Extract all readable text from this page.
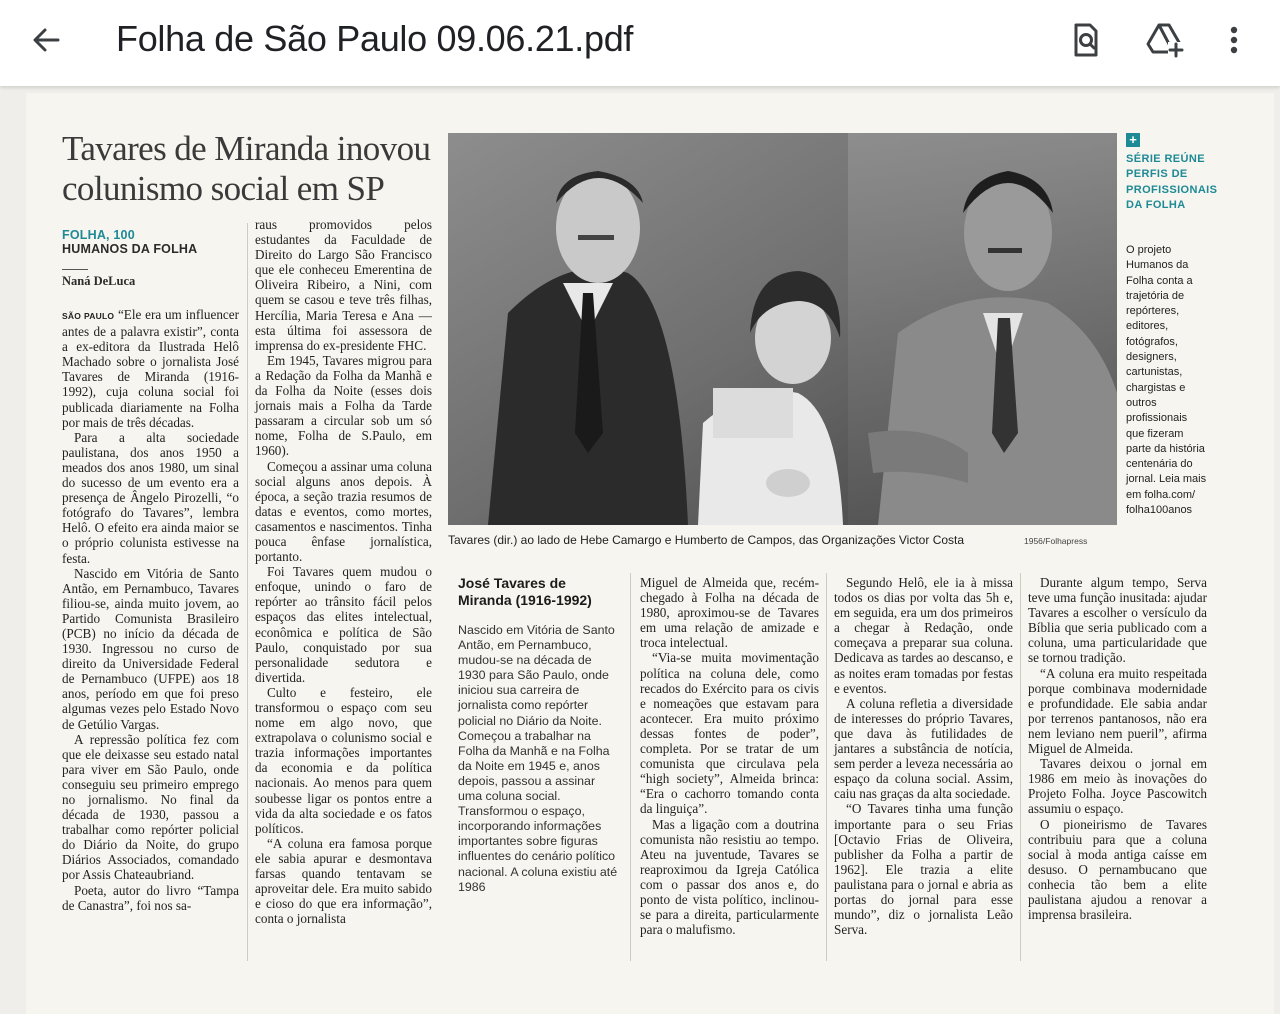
Folha de São Paulo 09.06.21.pdf
Tavares de Miranda inovou colunismo social em SP
FOLHA, 100
HUMANOS DA FOLHA
Naná DeLuca

SÃO PAULO “Ele era um influencer antes de a palavra existir”, conta a ex-editora da Ilustrada Helô Machado sobre o jornalista José Tavares de Miranda (1916-1992), cuja coluna social foi publicada diariamente na Folha por mais de três décadas.

Para a alta sociedade paulistana, dos anos 1950 a meados dos anos 1980, um sinal do sucesso de um evento era a presença de Ângelo Pirozelli, “o fotógrafo do Tavares”, lembra Helô. O efeito era ainda maior se o próprio colunista estivesse na festa.

Nascido em Vitória de Santo Antão, em Pernambuco, Tavares filiou-se, ainda muito jovem, ao Partido Comunista Brasileiro (PCB) no início da década de 1930. Ingressou no curso de direito da Universidade Federal de Pernambuco (UFPE) aos 18 anos, período em que foi preso algumas vezes pelo Estado Novo de Getúlio Vargas.

A repressão política fez com que ele deixasse seu estado natal para viver em São Paulo, onde conseguiu seu primeiro emprego no jornalismo. No final da década de 1930, passou a trabalhar como repórter policial do Diário da Noite, do grupo Diários Associados, comandado por Assis Chateaubriand.

Poeta, autor do livro “Tampa de Canastra”, foi nos sa-

raus promovidos pelos estudantes da Faculdade de Direito do Largo São Francisco que ele conheceu Emerentina de Oliveira Ribeiro, a Nini, com quem se casou e teve três filhas, Hercília, Maria Teresa e Ana —esta última foi assessora de imprensa do ex-presidente FHC.

Em 1945, Tavares migrou para a Redação da Folha da Manhã e da Folha da Noite (esses dois jornais mais a Folha da Tarde passaram a circular sob um só nome, Folha de S.Paulo, em 1960).

Começou a assinar uma coluna social alguns anos depois. À época, a seção trazia resumos de datas e eventos, como mortes, casamentos e nascimentos. Tinha pouca ênfase jornalística, portanto.

Foi Tavares quem mudou o enfoque, unindo o faro de repórter ao trânsito fácil pelos espaços das elites intelectual, econômica e política de São Paulo, conquistado por sua personalidade sedutora e divertida.

Culto e festeiro, ele transformou o espaço com seu nome em algo novo, que extrapolava o colunismo social e trazia informações importantes da economia e da política nacionais. Ao menos para quem soubesse ligar os pontos entre a vida da alta sociedade e os fatos políticos.

“A coluna era famosa porque ele sabia apurar e desmontava farsas quando tentavam se aproveitar dele. Era muito sabido e cioso do que era informação”, conta o jornalista

Tavares (dir.) ao lado de Hebe Camargo e Humberto de Campos, das Organizações Victor Costa	1956/Folhapress
+
SÉRIE REÚNE PERFIS DE PROFISSIONAIS DA FOLHA
O projeto Humanos da Folha conta a trajetória de repórteres, editores, fotógrafos, designers, cartunistas, chargistas e outros profissionais que fizeram parte da história centenária do jornal. Leia mais em folha.com/ folha100anos
José Tavares de Miranda (1916-1992)
Nascido em Vitória de Santo Antão, em Pernambuco, mudou-se na década de 1930 para São Paulo, onde iniciou sua carreira de jornalista como repórter policial no Diário da Noite. Começou a trabalhar na Folha da Manhã e na Folha da Noite em 1945 e, anos depois, passou a assinar uma coluna social. Transformou o espaço, incorporando informações importantes sobre figuras influentes do cenário político nacional. A coluna existiu até 1986

Miguel de Almeida que, recém-chegado à Folha na década de 1980, aproximou-se de Tavares em uma relação de amizade e troca intelectual.

“Via-se muita movimentação política na coluna dele, como recados do Exército para os civis e nomeações que estavam para acontecer. Era muito próximo dessas fontes de poder”, completa. Por se tratar de um comunista que circulava pela “high society”, Almeida brinca: “Era o cachorro tomando conta da linguiça”.

Mas a ligação com a doutrina comunista não resistiu ao tempo. Ateu na juventude, Tavares se reaproximou da Igreja Católica com o passar dos anos e, do ponto de vista político, inclinou-se para a direita, particularmente para o malufismo.

Segundo Helô, ele ia à missa todos os dias por volta das 5h e, em seguida, era um dos primeiros a chegar à Redação, onde começava a preparar sua coluna. Dedicava as tardes ao descanso, e as noites eram tomadas por festas e eventos.

A coluna refletia a diversidade de interesses do próprio Tavares, que dava às futilidades de jantares a substância de notícia, sem perder a leveza necessária ao espaço da coluna social. Assim, caiu nas graças da alta sociedade.

“O Tavares tinha uma função importante para o seu Frias [Octavio Frias de Oliveira, publisher da Folha a partir de 1962]. Ele trazia a elite paulistana para o jornal e abria as portas do jornal para esse mundo”, diz o jornalista Leão Serva.

Durante algum tempo, Serva teve uma função inusitada: ajudar Tavares a escolher o versículo da Bíblia que seria publicado com a coluna, uma particularidade que se tornou tradição.

“A coluna era muito respeitada porque combinava modernidade e profundidade. Ele sabia andar por terrenos pantanosos, não era nem leviano nem pueril”, afirma Miguel de Almeida.

Tavares deixou o jornal em 1986 em meio às inovações do Projeto Folha. Joyce Pascowitch assumiu o espaço.

O pioneirismo de Tavares contribuiu para que a coluna social à moda antiga caísse em desuso. O pernambucano que conhecia tão bem a elite paulistana ajudou a renovar a imprensa brasileira.
